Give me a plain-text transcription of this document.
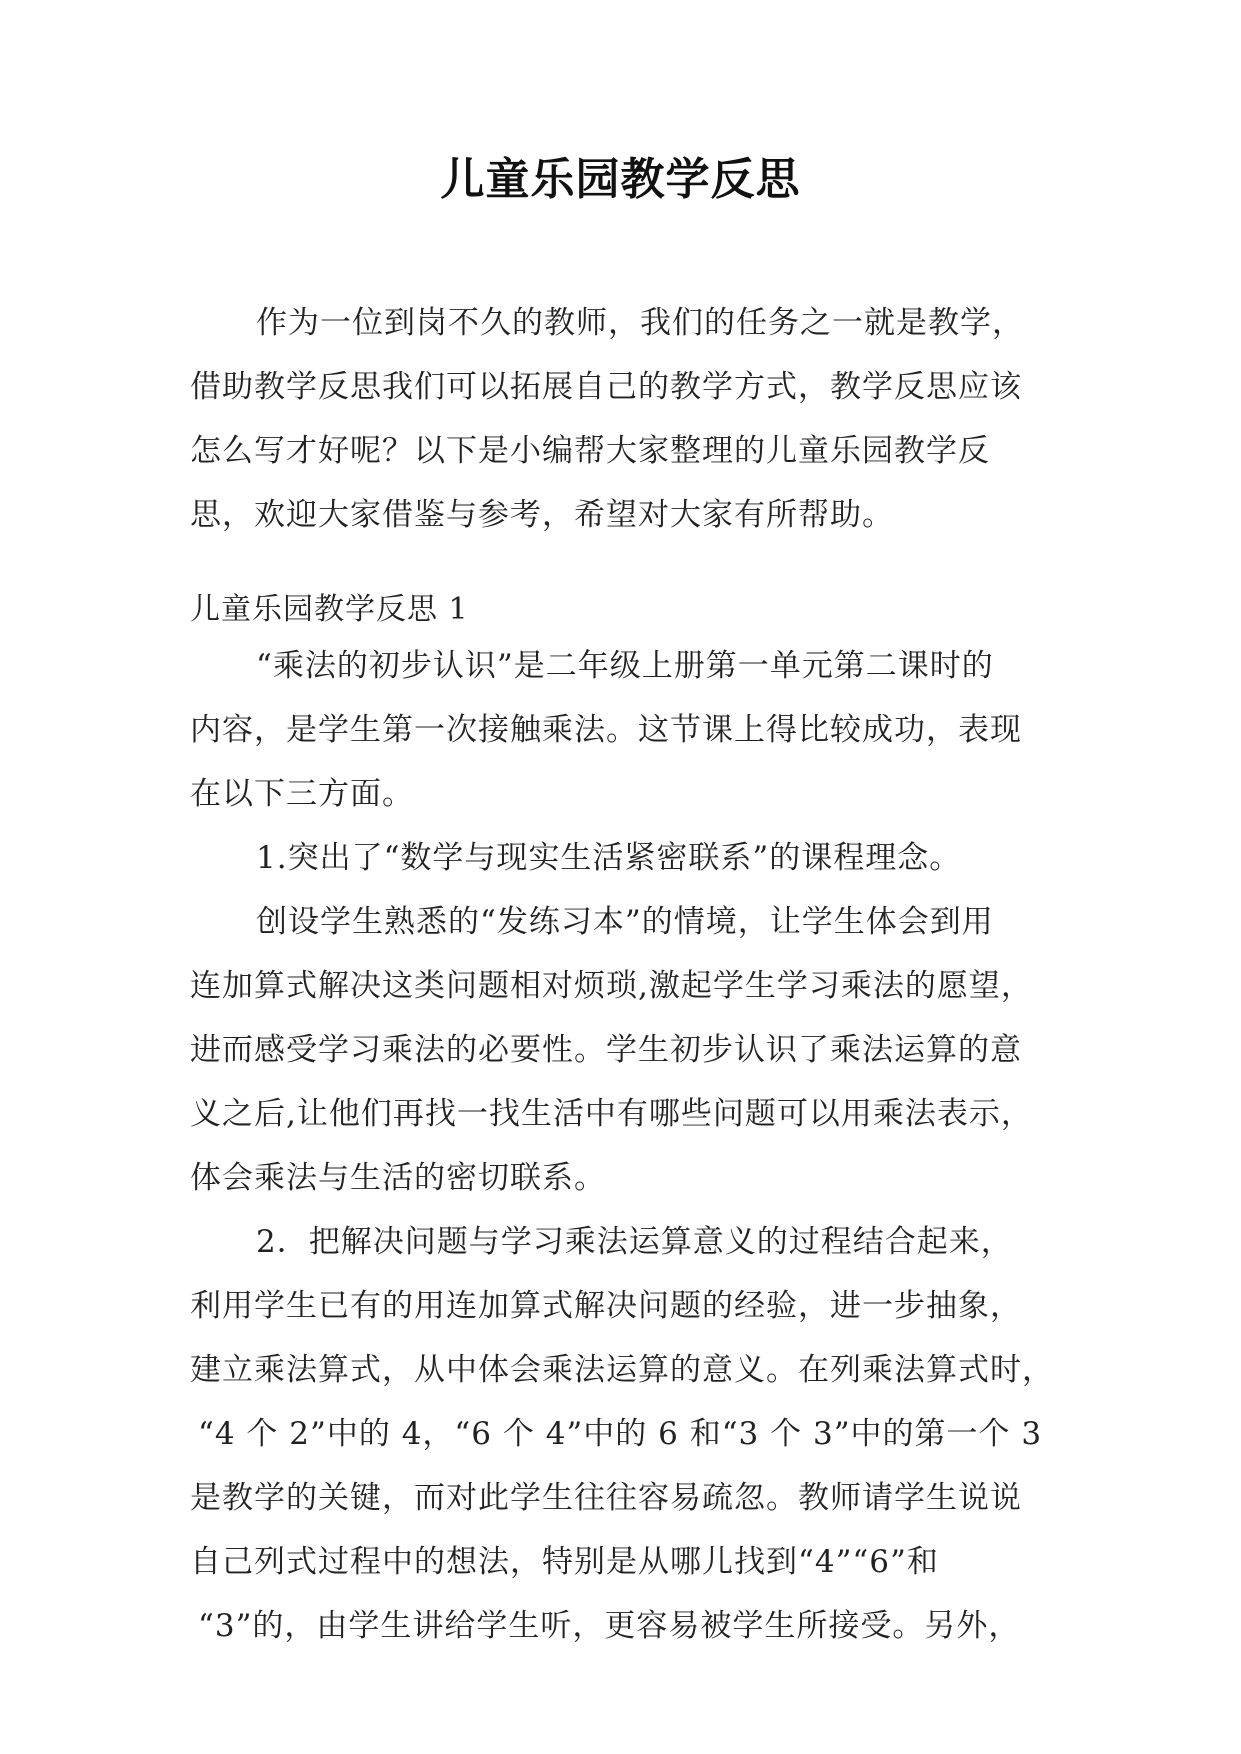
儿童乐园教学反思
作为一位到岗不久的教师，我们的任务之一就是教学，
借助教学反思我们可以拓展自己的教学方式，教学反思应该
怎么写才好呢？以下是小编帮大家整理的儿童乐园教学反
思，欢迎大家借鉴与参考，希望对大家有所帮助。
儿童乐园教学反思 1
“乘法的初步认识”是二年级上册第一单元第二课时的
内容，是学生第一次接触乘法。这节课上得比较成功，表现
在以下三方面。
1.突出了“数学与现实生活紧密联系”的课程理念。
创设学生熟悉的“发练习本”的情境，让学生体会到用
连加算式解决这类问题相对烦琐,激起学生学习乘法的愿望，
进而感受学习乘法的必要性。学生初步认识了乘法运算的意
义之后,让他们再找一找生活中有哪些问题可以用乘法表示，
体会乘法与生活的密切联系。
2．把解决问题与学习乘法运算意义的过程结合起来，
利用学生已有的用连加算式解决问题的经验，进一步抽象，
建立乘法算式，从中体会乘法运算的意义。在列乘法算式时，
“4 个 2”中的 4，“6 个 4”中的 6 和“3 个 3”中的第一个 3
是教学的关键，而对此学生往往容易疏忽。教师请学生说说
自己列式过程中的想法，特别是从哪儿找到“4”“6”和
“3”的，由学生讲给学生听，更容易被学生所接受。另外，
